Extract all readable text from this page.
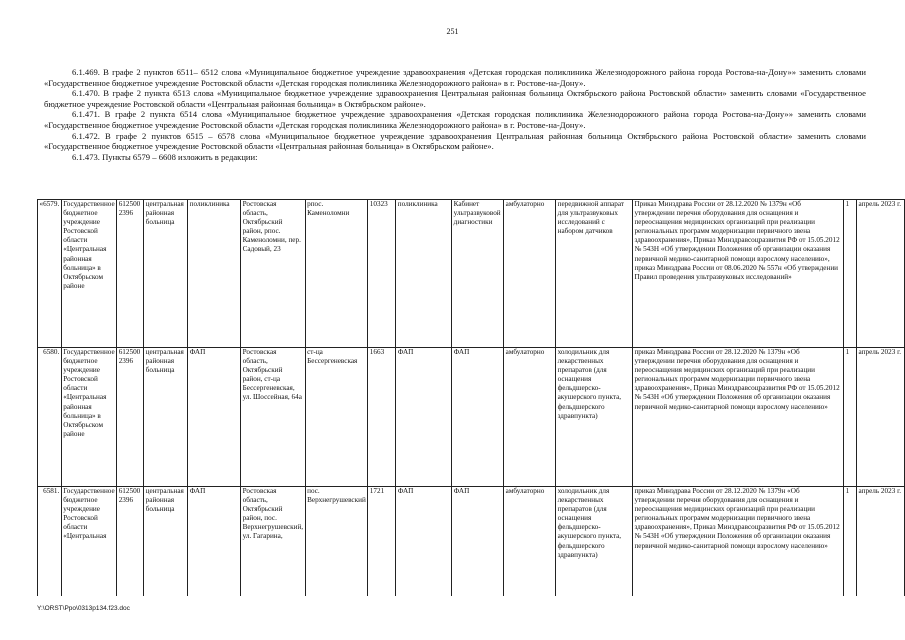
251

6.1.469. В графе 2 пунктов 6511– 6512 слова «Муниципальное бюджетное учреждение здравоохранения «Детская городская поликлиника Железнодорожного района города Ростова-на-Дону»» заменить словами «Государственное бюджетное учреждение Ростовской области «Детская городская поликлиника Железнодорожного района» в г. Ростове-на-Дону».

6.1.470. В графе 2 пункта 6513 слова «Муниципальное бюджетное учреждение здравоохранения Центральная районная больница Октябрьского района Ростовской области» заменить словами «Государственное бюджетное учреждение Ростовской области «Центральная районная больница» в Октябрьском районе».

6.1.471. В графе 2 пункта 6514 слова «Муниципальное бюджетное учреждение здравоохранения «Детская городская поликлиника Железнодорожного района города Ростова-на-Дону»» заменить словами «Государственное бюджетное учреждение Ростовской области «Детская городская поликлиника Железнодорожного района» в г. Ростове-на-Дону».

6.1.472. В графе 2 пунктов 6515 – 6578 слова «Муниципальное бюджетное учреждение здравоохранения Центральная районная больница Октябрьского района Ростовской области» заменить словами «Государственное бюджетное учреждение Ростовской области «Центральная районная больница» в Октябрьском районе».

6.1.473. Пункты 6579 – 6608 изложить в редакции:

«6579.	Государственное бюджетное учреждение Ростовской области «Центральная районная больница» в Октябрьском районе	612500 2396	центральная районная больница	поликлиника	Ростовская область, Октябрьский район, рпос. Каменоломни, пер. Садовый, 23	рпос. Каменоломни	10323	поликлиника	Кабинет ультразвуковой диагностики	амбулаторно	передвижной аппарат для ультразвуковых исследований с набором датчиков	Приказ Минздрава России от 28.12.2020 № 1379н «Об утверждении перечня оборудования для оснащения и переоснащения медицинских организаций при реализации региональных программ модернизации первичного звена здравоохранения», Приказ Минздравсоцразвития РФ от 15.05.2012 № 543Н «Об утверждении Положения об организации оказания первичной медико-санитарной помощи взрослому населению», приказ Минздрава России от 08.06.2020 № 557н «Об утверждении Правил проведения ультразвуковых исследований»	1	апрель 2023 г.
6580.	Государственное бюджетное учреждение Ростовской области «Центральная районная больница» в Октябрьском районе	612500 2396	центральная районная больница	ФАП	Ростовская область, Октябрьский район, ст-ца Бессергеневская, ул. Шоссейная, 64а	ст-ца Бессергеневская	1663	ФАП	ФАП	амбулаторно	холодильник для лекарственных препаратов (для оснащения фельдшерско-акушерского пункта, фельдшерского здравпункта)	приказ Минздрава России от 28.12.2020 № 1379н «Об утверждении перечня оборудования для оснащения и переоснащения медицинских организаций при реализации региональных программ модернизации первичного звена здравоохранения», Приказ Минздравсоцразвития РФ от 15.05.2012 № 543Н «Об утверждении Положения об организации оказания первичной медико-санитарной помощи взрослому населению»	1	апрель 2023 г.
6581.	Государственное бюджетное учреждение Ростовской области «Центральная	612500 2396	центральная районная больница	ФАП	Ростовская область, Октябрьский район, пос. Верхнегрушевский, ул. Гагарина,	пос. Верхнегрушевский	1721	ФАП	ФАП	амбулаторно	холодильник для лекарственных препаратов (для оснащения фельдшерско-акушерского пункта, фельдшерского здравпункта)	приказ Минздрава России от 28.12.2020 № 1379н «Об утверждении перечня оборудования для оснащения и переоснащения медицинских организаций при реализации региональных программ модернизации первичного звена здравоохранения», Приказ Минздравсоцразвития РФ от 15.05.2012 № 543Н «Об утверждении Положения об организации оказания первичной медико-санитарной помощи взрослому населению»	1	апрель 2023 г.
Y:\ORST\Ppo\0313p134.f23.doc
